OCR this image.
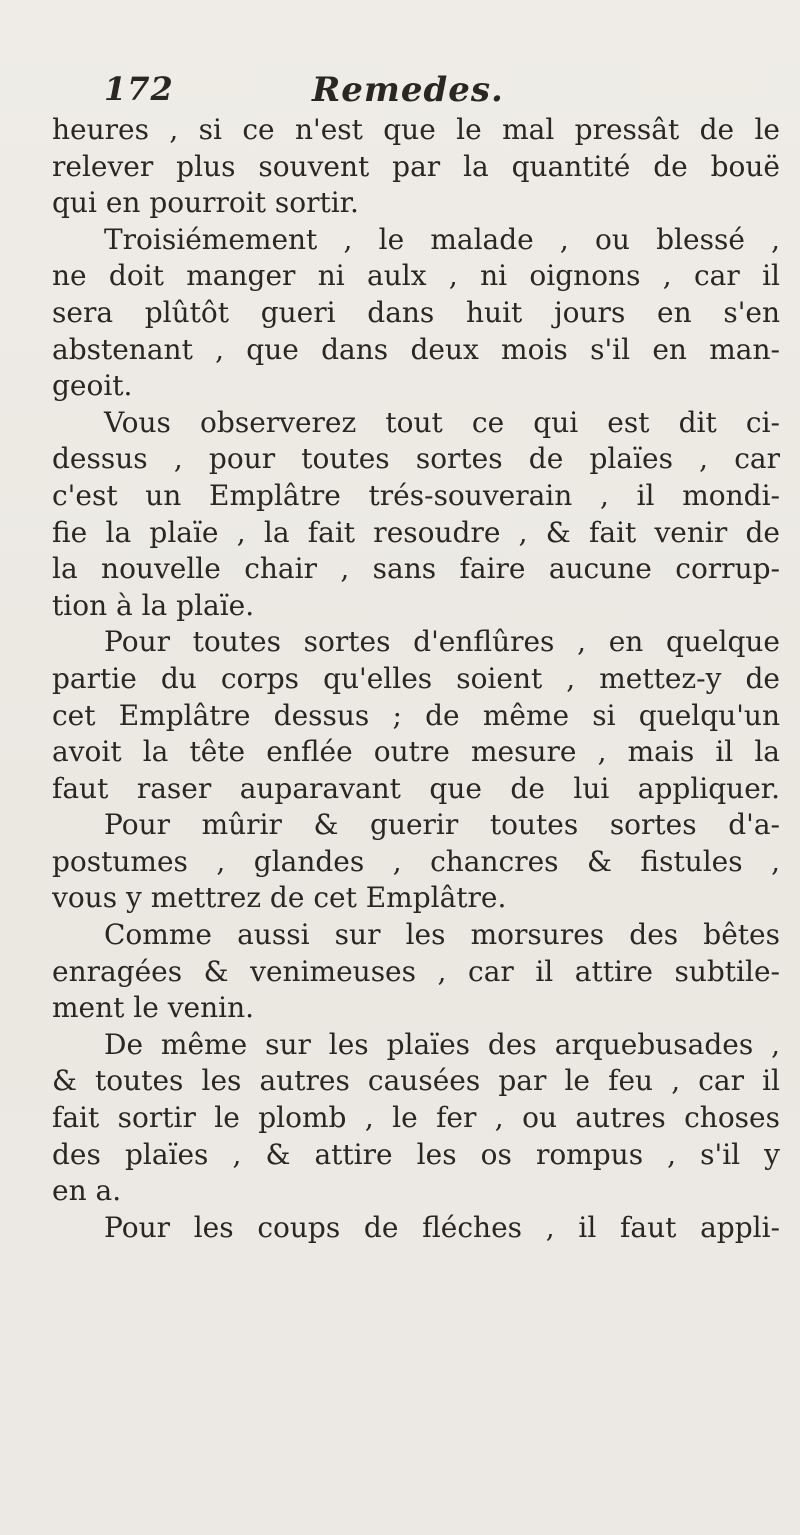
172	Remedes.
heures , si ce n'est que le mal pressât de le
relever plus souvent par la quantité de bouë
qui en pourroit sortir.
Troisiémement , le malade , ou blessé ,
ne doit manger ni aulx , ni oignons , car il
sera plûtôt gueri dans huit jours en s'en
abstenant , que dans deux mois s'il en man-
geoit.
Vous observerez tout ce qui est dit ci-
dessus , pour toutes sortes de plaïes , car
c'est un Emplâtre trés-souverain , il mondi-
fie la plaïe , la fait resoudre , & fait venir de
la nouvelle chair , sans faire aucune corrup-
tion à la plaïe.
Pour toutes sortes d'enflûres , en quelque
partie du corps qu'elles soient , mettez-y de
cet Emplâtre dessus ; de même si quelqu'un
avoit la tête enflée outre mesure , mais il la
faut raser auparavant que de lui appliquer.
Pour mûrir & guerir toutes sortes d'a-
postumes , glandes , chancres & fistules ,
vous y mettrez de cet Emplâtre.
Comme aussi sur les morsures des bêtes
enragées & venimeuses , car il attire subtile-
ment le venin.
De même sur les plaïes des arquebusades ,
& toutes les autres causées par le feu , car il
fait sortir le plomb , le fer , ou autres choses
des plaïes , & attire les os rompus , s'il y
en a.
Pour les coups de fléches , il faut appli-
